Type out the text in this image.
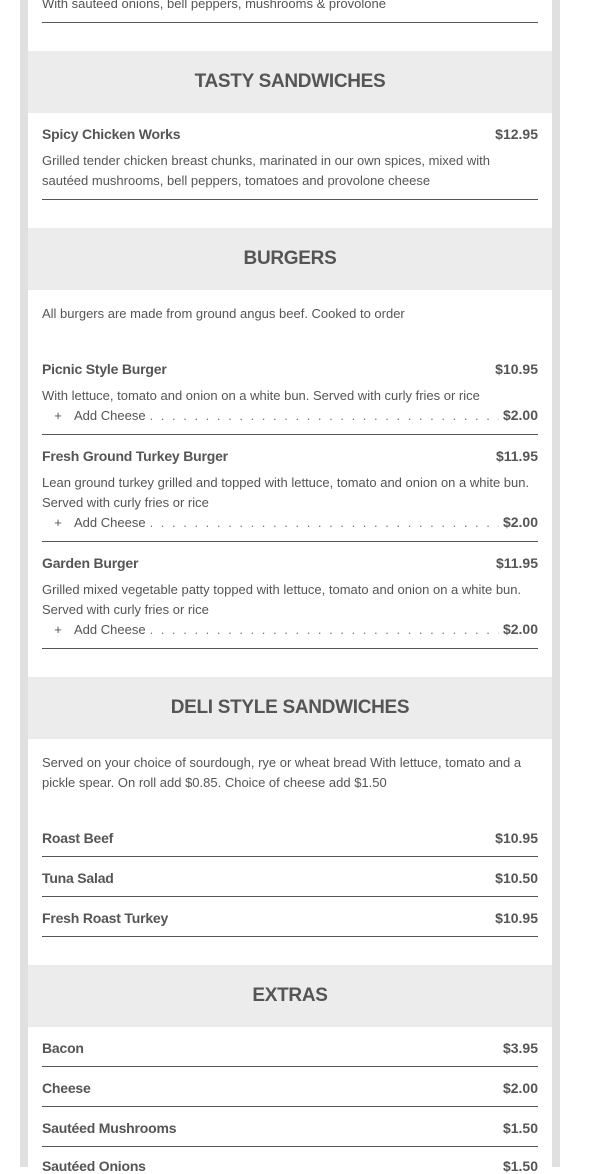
With sauteed onions, bell peppers, mushrooms & provolone
TASTY SANDWICHES
Spicy Chicken Works	$12.95
Grilled tender chicken breast chunks, marinated in our own spices, mixed with sautéed mushrooms, bell peppers, tomatoes and provolone cheese
BURGERS
All burgers are made from ground angus beef. Cooked to order
Picnic Style Burger	$10.95
With lettuce, tomato and onion on a white bun. Served with curly fries or rice
+ Add Cheese . . .	$2.00
Fresh Ground Turkey Burger	$11.95
Lean ground turkey grilled and topped with lettuce, tomato and onion on a white bun. Served with curly fries or rice
+ Add Cheese . . .	$2.00
Garden Burger	$11.95
Grilled mixed vegetable patty topped with lettuce, tomato and onion on a white bun. Served with curly fries or rice
+ Add Cheese . . .	$2.00
DELI STYLE SANDWICHES
Served on your choice of sourdough, rye or wheat bread With lettuce, tomato and a pickle spear. On roll add $0.85. Choice of cheese add $1.50
Roast Beef	$10.95
Tuna Salad	$10.50
Fresh Roast Turkey	$10.95
EXTRAS
Bacon	$3.95
Cheese	$2.00
Sautéed Mushrooms	$1.50
Sautéed Onions	$1.50
